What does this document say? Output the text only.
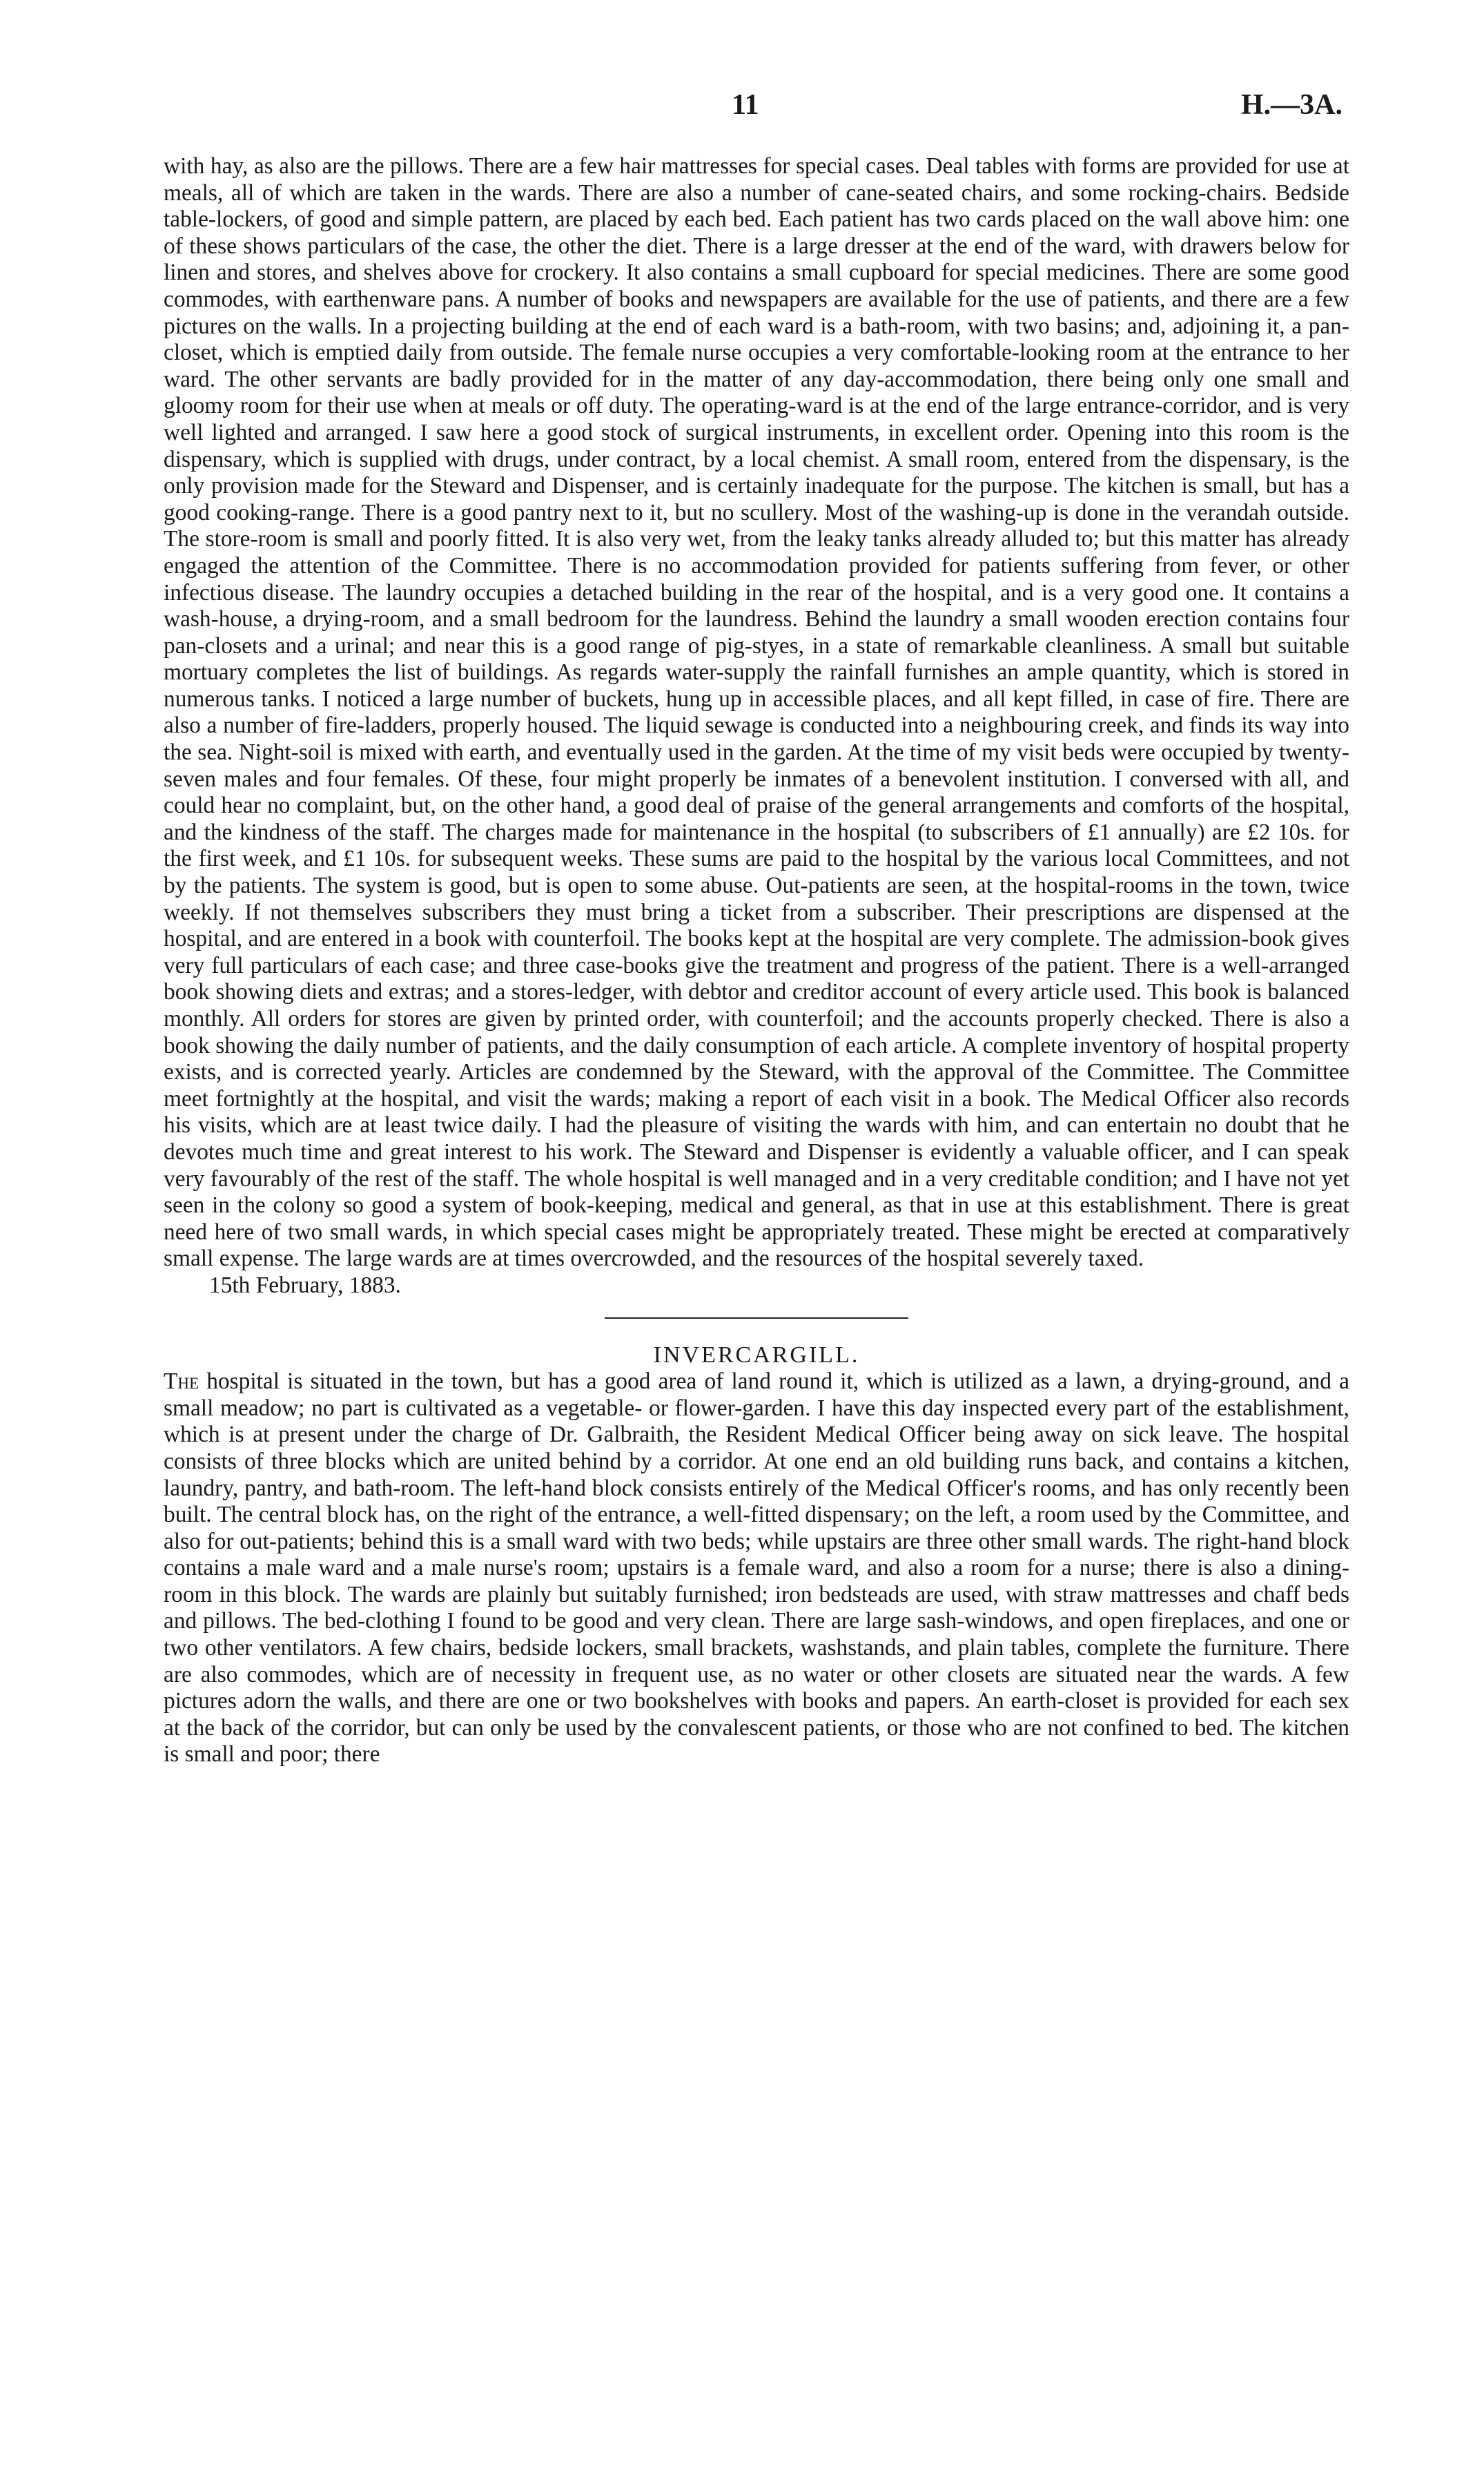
11	H.—3A.

with hay, as also are the pillows. There are a few hair mattresses for special cases. Deal tables with forms are provided for use at meals, all of which are taken in the wards. There are also a number of cane-seated chairs, and some rocking-chairs. Bedside table-lockers, of good and simple pattern, are placed by each bed. Each patient has two cards placed on the wall above him: one of these shows particulars of the case, the other the diet. There is a large dresser at the end of the ward, with drawers below for linen and stores, and shelves above for crockery. It also contains a small cupboard for special medicines. There are some good commodes, with earthenware pans. A number of books and newspapers are available for the use of patients, and there are a few pictures on the walls. In a projecting building at the end of each ward is a bath-room, with two basins; and, adjoining it, a pan-closet, which is emptied daily from outside. The female nurse occupies a very comfortable-looking room at the entrance to her ward. The other servants are badly provided for in the matter of any day-accommodation, there being only one small and gloomy room for their use when at meals or off duty. The operating-ward is at the end of the large entrance-corridor, and is very well lighted and arranged. I saw here a good stock of surgical instruments, in excellent order. Opening into this room is the dispensary, which is supplied with drugs, under contract, by a local chemist. A small room, entered from the dispensary, is the only provision made for the Steward and Dispenser, and is certainly inadequate for the purpose. The kitchen is small, but has a good cooking-range. There is a good pantry next to it, but no scullery. Most of the washing-up is done in the verandah outside. The store-room is small and poorly fitted. It is also very wet, from the leaky tanks already alluded to; but this matter has already engaged the attention of the Committee. There is no accommodation provided for patients suffering from fever, or other infectious disease. The laundry occupies a detached building in the rear of the hospital, and is a very good one. It contains a wash-house, a drying-room, and a small bedroom for the laundress. Behind the laundry a small wooden erection contains four pan-closets and a urinal; and near this is a good range of pig-styes, in a state of remarkable cleanliness. A small but suitable mortuary completes the list of buildings. As regards water-supply the rainfall furnishes an ample quantity, which is stored in numerous tanks. I noticed a large number of buckets, hung up in accessible places, and all kept filled, in case of fire. There are also a number of fire-ladders, properly housed. The liquid sewage is conducted into a neighbouring creek, and finds its way into the sea. Night-soil is mixed with earth, and eventually used in the garden. At the time of my visit beds were occupied by twenty-seven males and four females. Of these, four might properly be inmates of a benevolent institution. I conversed with all, and could hear no complaint, but, on the other hand, a good deal of praise of the general arrangements and comforts of the hospital, and the kindness of the staff. The charges made for maintenance in the hospital (to subscribers of £1 annually) are £2 10s. for the first week, and £1 10s. for subsequent weeks. These sums are paid to the hospital by the various local Committees, and not by the patients. The system is good, but is open to some abuse. Out-patients are seen, at the hospital-rooms in the town, twice weekly. If not themselves subscribers they must bring a ticket from a subscriber. Their prescriptions are dispensed at the hospital, and are entered in a book with counterfoil. The books kept at the hospital are very complete. The admission-book gives very full particulars of each case; and three case-books give the treatment and progress of the patient. There is a well-arranged book showing diets and extras; and a stores-ledger, with debtor and creditor account of every article used. This book is balanced monthly. All orders for stores are given by printed order, with counterfoil; and the accounts properly checked. There is also a book showing the daily number of patients, and the daily consumption of each article. A complete inventory of hospital property exists, and is corrected yearly. Articles are condemned by the Steward, with the approval of the Committee. The Committee meet fortnightly at the hospital, and visit the wards; making a report of each visit in a book. The Medical Officer also records his visits, which are at least twice daily. I had the pleasure of visiting the wards with him, and can entertain no doubt that he devotes much time and great interest to his work. The Steward and Dispenser is evidently a valuable officer, and I can speak very favourably of the rest of the staff. The whole hospital is well managed and in a very creditable condition; and I have not yet seen in the colony so good a system of book-keeping, medical and general, as that in use at this establishment. There is great need here of two small wards, in which special cases might be appropriately treated. These might be erected at comparatively small expense. The large wards are at times overcrowded, and the resources of the hospital severely taxed.

15th February, 1883.

INVERCARGILL.

The hospital is situated in the town, but has a good area of land round it, which is utilized as a lawn, a drying-ground, and a small meadow; no part is cultivated as a vegetable- or flower-garden. I have this day inspected every part of the establishment, which is at present under the charge of Dr. Galbraith, the Resident Medical Officer being away on sick leave. The hospital consists of three blocks which are united behind by a corridor. At one end an old building runs back, and contains a kitchen, laundry, pantry, and bath-room. The left-hand block consists entirely of the Medical Officer's rooms, and has only recently been built. The central block has, on the right of the entrance, a well-fitted dispensary; on the left, a room used by the Committee, and also for out-patients; behind this is a small ward with two beds; while upstairs are three other small wards. The right-hand block contains a male ward and a male nurse's room; upstairs is a female ward, and also a room for a nurse; there is also a dining-room in this block. The wards are plainly but suitably furnished; iron bedsteads are used, with straw mattresses and chaff beds and pillows. The bed-clothing I found to be good and very clean. There are large sash-windows, and open fireplaces, and one or two other ventilators. A few chairs, bedside lockers, small brackets, washstands, and plain tables, complete the furniture. There are also commodes, which are of necessity in frequent use, as no water or other closets are situated near the wards. A few pictures adorn the walls, and there are one or two bookshelves with books and papers. An earth-closet is provided for each sex at the back of the corridor, but can only be used by the convalescent patients, or those who are not confined to bed. The kitchen is small and poor; there
